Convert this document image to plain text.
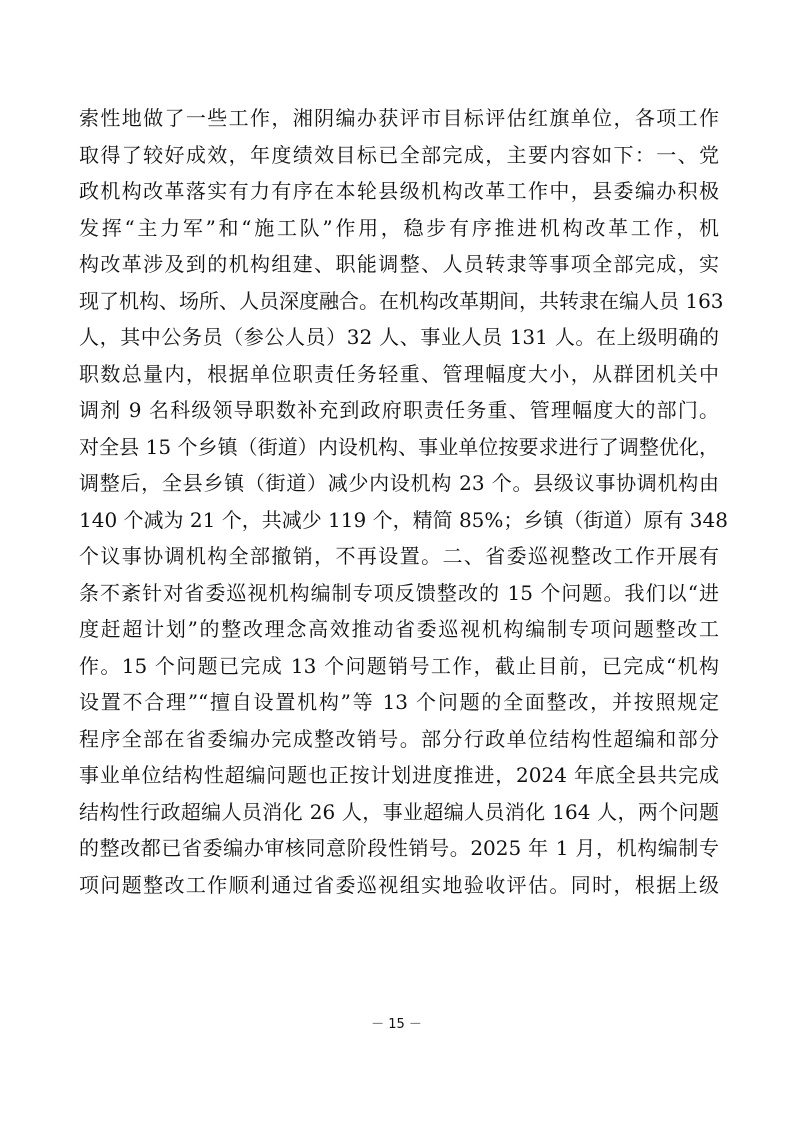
索性地做了一些工作，湘阴编办获评市目标评估红旗单位，各项工作
取得了较好成效，年度绩效目标已全部完成，主要内容如下：一、党
政机构改革落实有力有序在本轮县级机构改革工作中，县委编办积极
发挥“主力军”和“施工队”作用，稳步有序推进机构改革工作，机
构改革涉及到的机构组建、职能调整、人员转隶等事项全部完成，实
现了机构、场所、人员深度融合。在机构改革期间，共转隶在编人员 163
人，其中公务员（参公人员）32 人、事业人员 131 人。在上级明确的
职数总量内，根据单位职责任务轻重、管理幅度大小，从群团机关中
调剂 9 名科级领导职数补充到政府职责任务重、管理幅度大的部门。
对全县 15 个乡镇（街道）内设机构、事业单位按要求进行了调整优化，
调整后，全县乡镇（街道）减少内设机构 23 个。县级议事协调机构由
140 个减为 21 个，共减少 119 个，精简 85%；乡镇（街道）原有 348
个议事协调机构全部撤销，不再设置。二、省委巡视整改工作开展有
条不紊针对省委巡视机构编制专项反馈整改的 15 个问题。我们以“进
度赶超计划”的整改理念高效推动省委巡视机构编制专项问题整改工
作。15 个问题已完成 13 个问题销号工作，截止目前，已完成“机构
设置不合理”“擅自设置机构”等 13 个问题的全面整改，并按照规定
程序全部在省委编办完成整改销号。部分行政单位结构性超编和部分
事业单位结构性超编问题也正按计划进度推进，2024 年底全县共完成
结构性行政超编人员消化 26 人，事业超编人员消化 164 人，两个问题
的整改都已省委编办审核同意阶段性销号。2025 年 1 月，机构编制专
项问题整改工作顺利通过省委巡视组实地验收评估。同时，根据上级
－ 15 －
